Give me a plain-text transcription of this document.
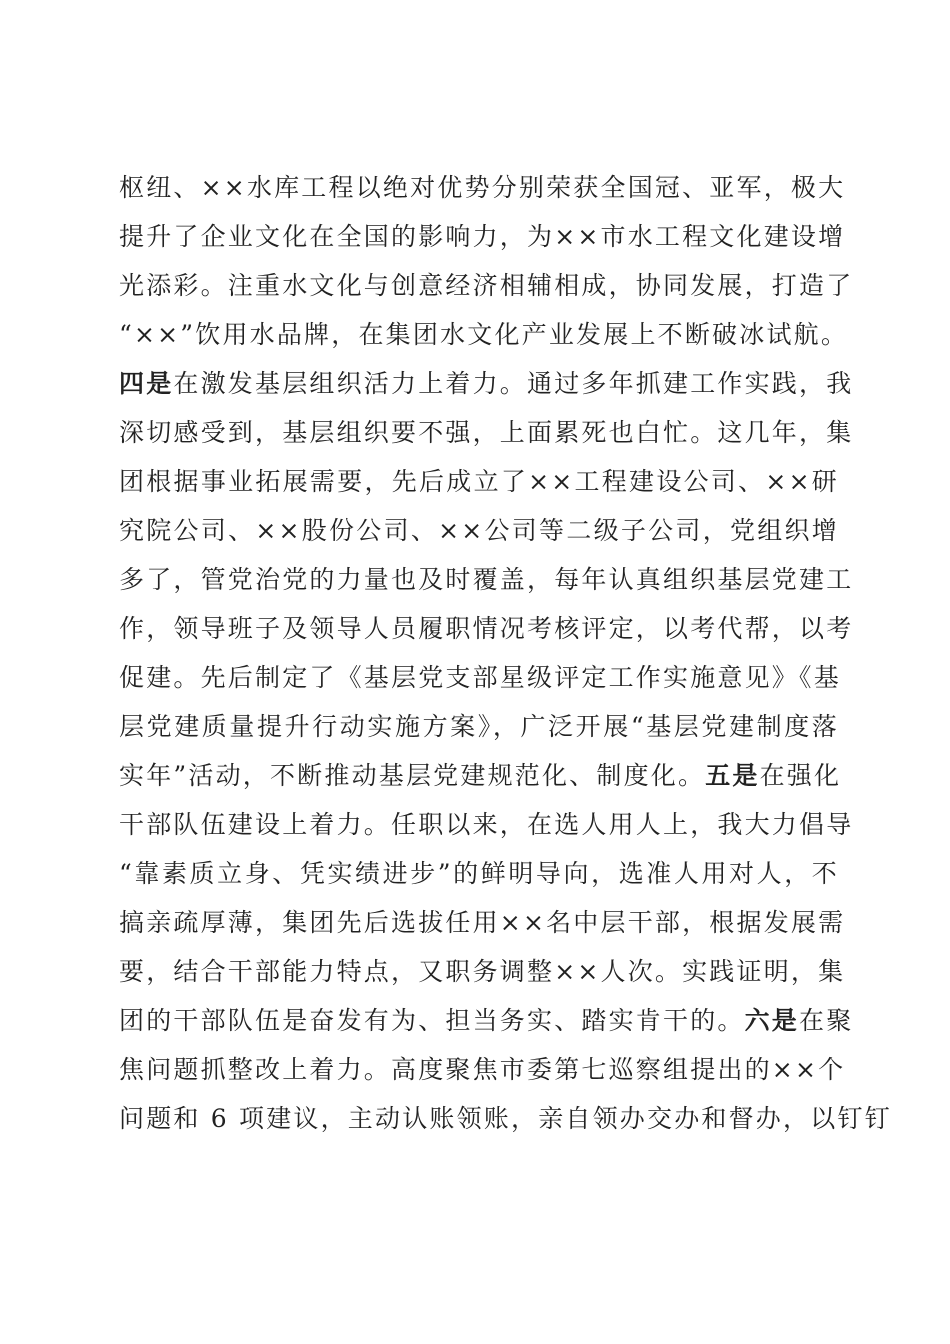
枢纽、××水库工程以绝对优势分别荣获全国冠、亚军，极大
提升了企业文化在全国的影响力，为××市水工程文化建设增
光添彩。注重水文化与创意经济相辅相成，协同发展，打造了
“××”饮用水品牌，在集团水文化产业发展上不断破冰试航。
四是在激发基层组织活力上着力。通过多年抓建工作实践，我
深切感受到，基层组织要不强，上面累死也白忙。这几年，集
团根据事业拓展需要，先后成立了××工程建设公司、××研
究院公司、××股份公司、××公司等二级子公司，党组织增
多了，管党治党的力量也及时覆盖，每年认真组织基层党建工
作，领导班子及领导人员履职情况考核评定，以考代帮，以考
促建。先后制定了《基层党支部星级评定工作实施意见》《基
层党建质量提升行动实施方案》，广泛开展“基层党建制度落
实年”活动，不断推动基层党建规范化、制度化。五是在强化
干部队伍建设上着力。任职以来，在选人用人上，我大力倡导
“靠素质立身、凭实绩进步”的鲜明导向，选准人用对人，不
搞亲疏厚薄，集团先后选拔任用××名中层干部，根据发展需
要，结合干部能力特点，又职务调整××人次。实践证明，集
团的干部队伍是奋发有为、担当务实、踏实肯干的。六是在聚
焦问题抓整改上着力。高度聚焦市委第七巡察组提出的××个
问题和 6 项建议，主动认账领账，亲自领办交办和督办，以钉钉
